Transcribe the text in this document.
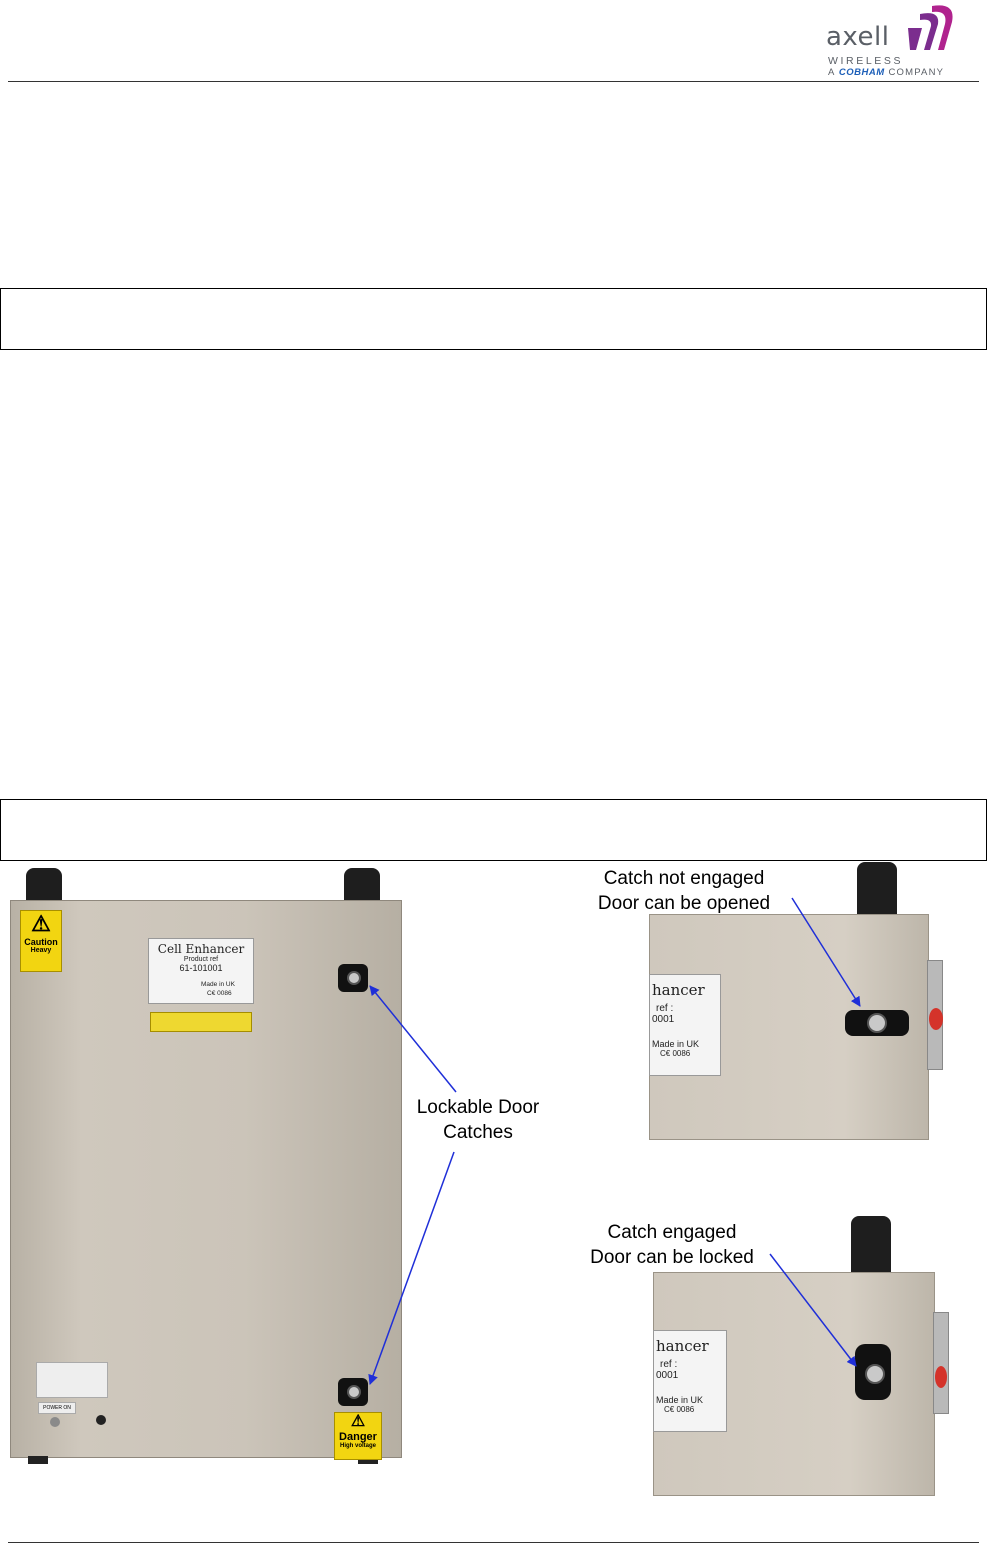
axell
WIRELESS
A COBHAM COMPANY
⚠
Caution
Heavy	Cell Enhancer
Product ref
61-101001
Made in UK
C€ 0086
POWER ON
⚠
Danger
High voltage
Lockable Door
Catches
Catch not engaged
Door can be opened
hancer
ref :
0001
Made in UK
C€ 0086
Catch engaged
Door can be locked
hancer
ref :
0001
Made in UK
C€ 0086
